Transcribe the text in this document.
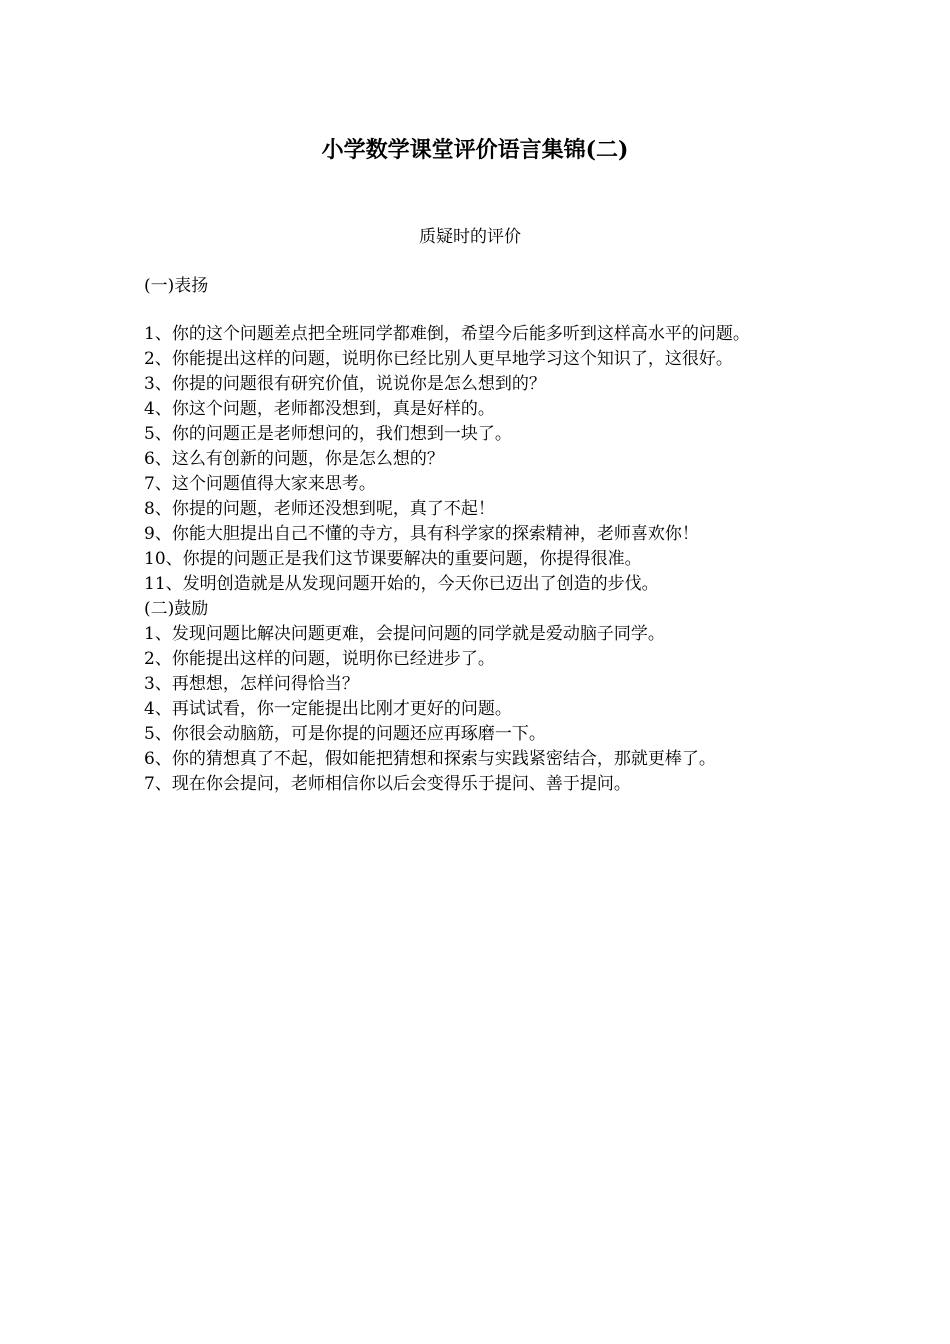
小学数学课堂评价语言集锦(二)

质疑时的评价

(一)表扬

1、你的这个问题差点把全班同学都难倒，希望今后能多听到这样高水平的问题。
2、你能提出这样的问题，说明你已经比别人更早地学习这个知识了，这很好。
3、你提的问题很有研究价值，说说你是怎么想到的？
4、你这个问题，老师都没想到，真是好样的。
5、你的问题正是老师想问的，我们想到一块了。
6、这么有创新的问题，你是怎么想的？
7、这个问题值得大家来思考。
8、你提的问题，老师还没想到呢，真了不起！
9、你能大胆提出自己不懂的寺方，具有科学家的探索精神，老师喜欢你！
10、你提的问题正是我们这节课要解决的重要问题，你提得很准。
11、发明创造就是从发现问题开始的，今天你已迈出了创造的步伐。
(二)鼓励
1、发现问题比解决问题更难，会提问问题的同学就是爱动脑子同学。
2、你能提出这样的问题，说明你已经进步了。
3、再想想，怎样问得恰当？
4、再试试看，你一定能提出比刚才更好的问题。
5、你很会动脑筋，可是你提的问题还应再琢磨一下。
6、你的猜想真了不起，假如能把猜想和探索与实践紧密结合，那就更棒了。
7、现在你会提问，老师相信你以后会变得乐于提问、善于提问。
